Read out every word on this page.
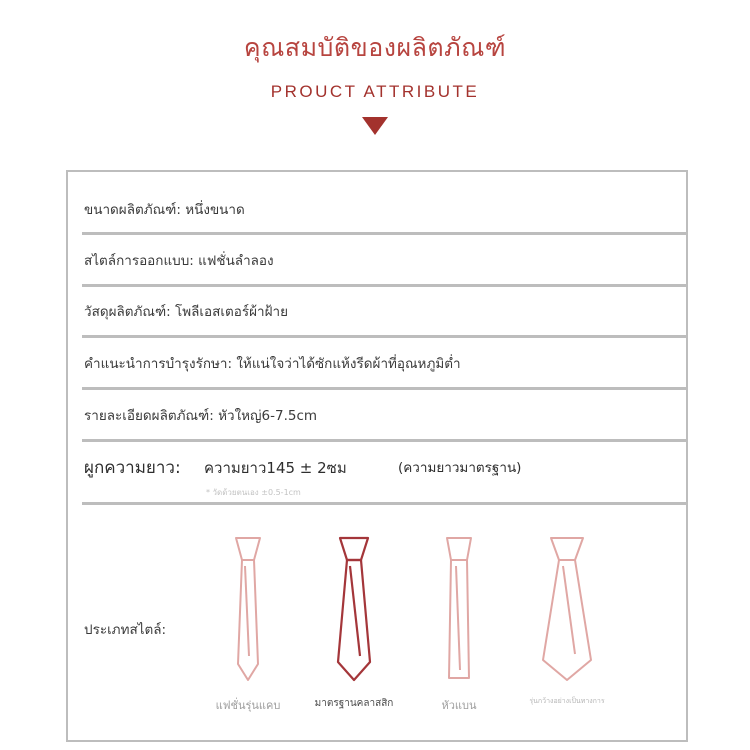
คุณสมบัติของผลิตภัณฑ์
PROUCT ATTRIBUTE
ขนาดผลิตภัณฑ์: หนึ่งขนาด
สไตล์การออกแบบ: แฟชั่นลำลอง
วัสดุผลิตภัณฑ์: โพลีเอสเตอร์ผ้าฝ้าย
คำแนะนำการบำรุงรักษา: ให้แน่ใจว่าได้ซักแห้งรีดผ้าที่อุณหภูมิต่ำ
รายละเอียดผลิตภัณฑ์: หัวใหญ่6-7.5cm
ผูกความยาว: ความยาว145 ± 2ซม	(ความยาวมาตรฐาน)
* วัดด้วยตนเอง ±0.5-1cm
ประเภทสไตล์:
แฟชั่นรุ่นแคบ	มาตรฐานคลาสสิก	หัวแบน	รุ่นกว้างอย่างเป็นทางการ
